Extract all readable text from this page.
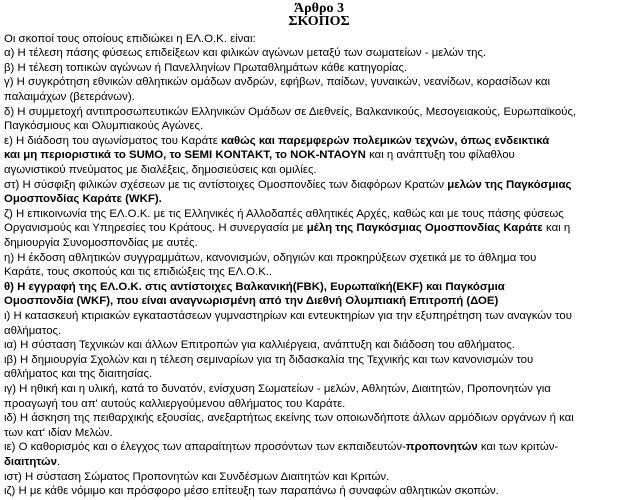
Άρθρο 3
ΣΚΟΠΟΣ
Οι σκοποί τους οποίους επιδιώκει η ΕΛ.Ο.Κ. είναι:
α) Η τέλεση πάσης φύσεως επιδείξεων και φιλικών αγώνων μεταξύ των σωματείων - μελών της.
β) Η τέλεση τοπικών αγώνων ή Πανελληνίων Πρωταθλημάτων κάθε κατηγορίας.
γ) Η συγκρότηση εθνικών αθλητικών ομάδων ανδρών, εφήβων, παίδων, γυναικών, νεανίδων, κορασίδων και
παλαιμάχων (βετεράνων).
δ) Η συμμετοχή αντιπροσωπευτικών Ελληνικών Ομάδων σε Διεθνείς, Βαλκανικούς, Μεσογειακούς, Ευρωπαϊκούς,
Παγκόσμιους και Ολυμπιακούς Αγώνες.
ε) Η διάδοση του αγωνίσματος του Καράτε καθώς και παρεμφερών πολεμικών τεχνών, όπως ενδεικτικά
και μη περιοριστικά το SUMO, το SEMI KONTAKT, το NOK-ΝΤΑΟΥΝ και η ανάπτυξη του φίλαθλου
αγωνιστικού πνεύματος με διαλέξεις, δημοσιεύσεις και ομιλίες.
στ) Η σύσφιξη φιλικών σχέσεων με τις αντίστοιχες Ομοσπονδίες των διαφόρων Κρατών μελών της Παγκόσμιας
Ομοσπονδίας Καράτε (WKF).
ζ) Η επικοινωνία της ΕΛ.Ο.Κ. με τις Ελληνικές ή Αλλοδαπές αθλητικές Αρχές, καθώς και με τους πάσης φύσεως
Οργανισμούς και Υπηρεσίες του Κράτους. Η συνεργασία με μέλη της Παγκόσμιας Ομοσπονδίας Καράτε και η
δημιουργία Συνομοσπονδίας με αυτές.
η) Η έκδοση αθλητικών συγγραμμάτων, κανονισμών, οδηγιών και προκηρύξεων σχετικά με το άθλημα του
Καράτε, τους σκοπούς και τις επιδιώξεις της ΕΛ.Ο.Κ..
θ) Η εγγραφή της ΕΛ.Ο.Κ. στις αντίστοιχες Βαλκανική(FBK), Ευρωπαϊκή(EKF) και Παγκόσμια
Ομοσπονδία (WKF), που είναι αναγνωρισμένη από την Διεθνή Ολυμπιακή Επιτροπή (ΔΟΕ)
ι) Η κατασκευή κτιριακών εγκαταστάσεων γυμναστηρίων και εντευκτηρίων για την εξυπηρέτηση των αναγκών του
αθλήματος.
ια) Η σύσταση Τεχνικών και άλλων Επιτροπών για καλλιέργεια, ανάπτυξη και διάδοση του αθλήματος.
ιβ) Η δημιουργία Σχολών και η τέλεση σεμιναρίων για τη διδασκαλία της Τεχνικής και των κανονισμών του
αθλήματος και της διαιτησίας.
ιγ) Η ηθική και η υλική, κατά το δυνατόν, ενίσχυση Σωματείων - μελών, Αθλητών, Διαιτητών, Προπονητών για
προαγωγή του απ' αυτούς καλλιεργούμενου αθλήματος του Καράτε.
ιδ) Η άσκηση της πειθαρχικής εξουσίας, ανεξαρτήτως εκείνης των οποιωνδήποτε άλλων αρμόδιων οργάνων ή και
των κατ' ιδίαν Μελών.
ιε) Ο καθορισμός και ο έλεγχος των απαραίτητων προσόντων των εκπαιδευτών-προπονητών και των κριτών-
διαιτητών.
ιστ) Η σύσταση Σώματος Προπονητών και Συνδέσμων Διαιτητών και Κριτών.
ιζ) Η με κάθε νόμιμο και πρόσφορο μέσο επίτευξη των παραπάνω ή συναφών αθλητικών σκοπών.
